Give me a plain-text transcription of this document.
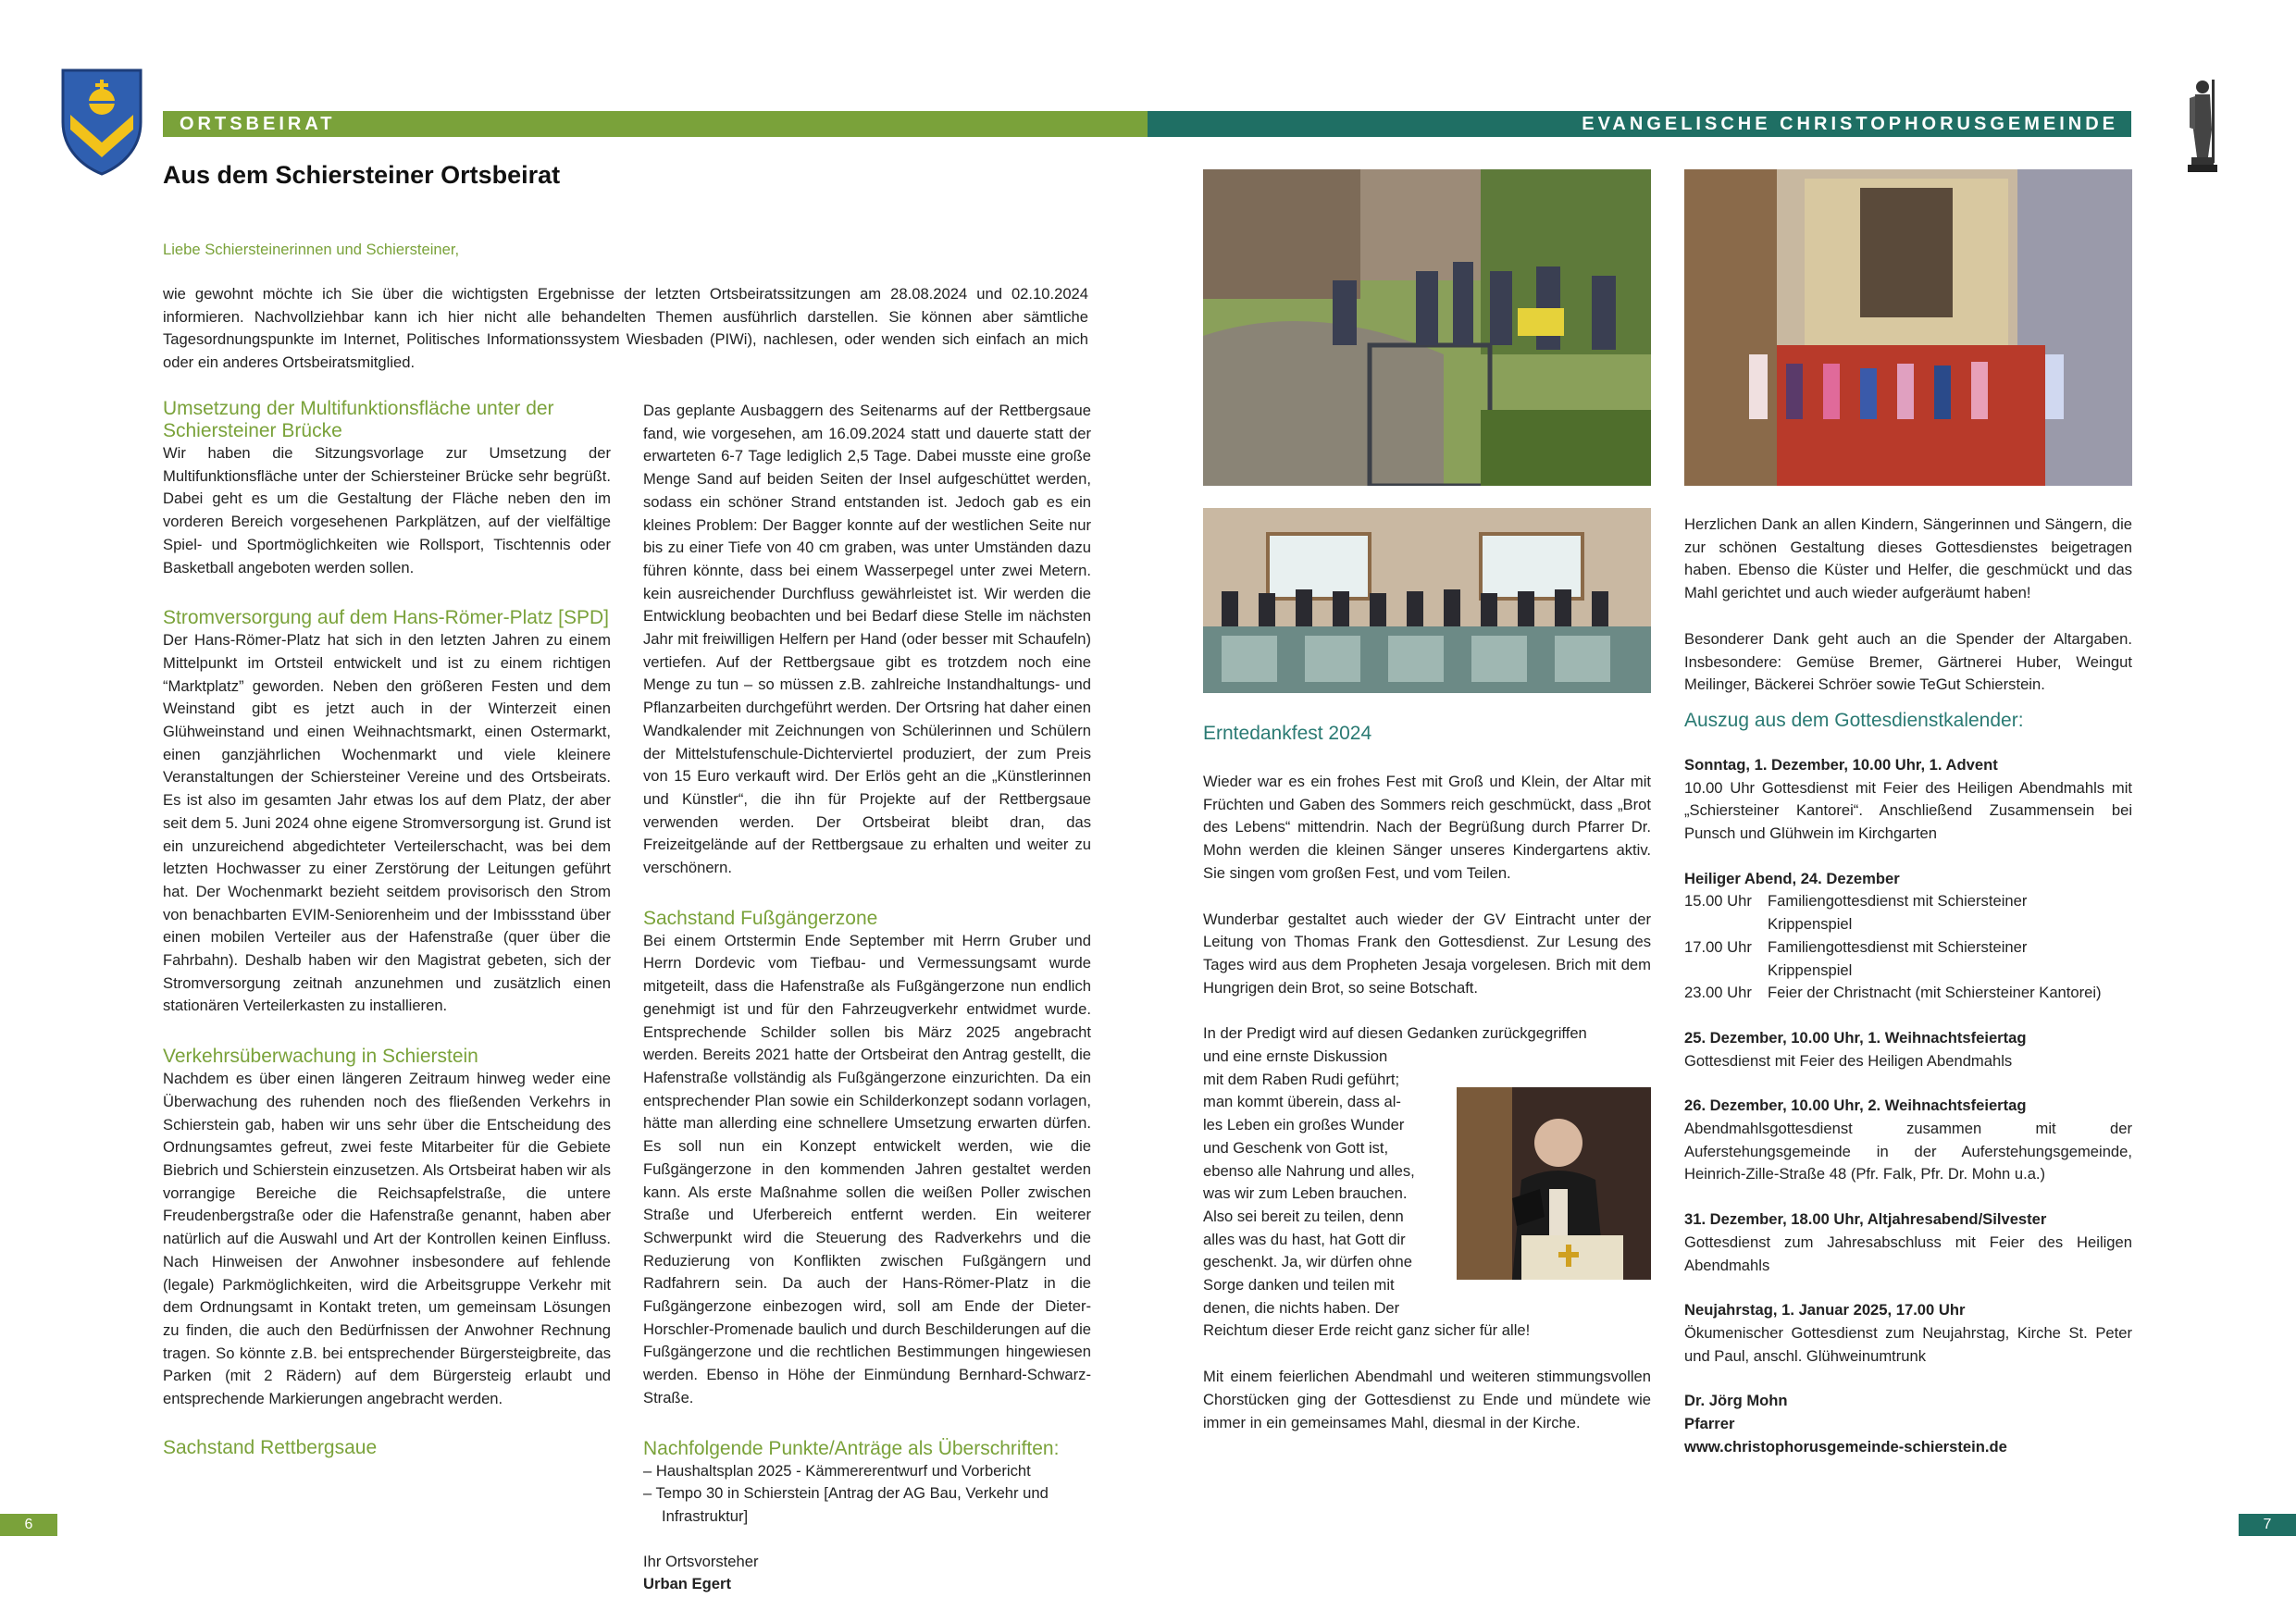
ORTSBEIRAT
Aus dem Schiersteiner Ortsbeirat
Liebe Schiersteinerinnen und Schiersteiner,
wie gewohnt möchte ich Sie über die wichtigsten Ergebnisse der letzten Ortsbeiratssitzungen am 28.08.2024 und 02.10.2024 informieren. Nachvollziehbar kann ich hier nicht alle behandelten Themen ausführlich darstellen. Sie können aber sämtliche Tagesordnungspunkte im Internet, Politisches Informationssystem Wiesbaden (PIWi), nachlesen, oder wenden sich einfach an mich oder ein anderes Ortsbeiratsmitglied.
Umsetzung der Multifunktionsfläche unter der Schiersteiner Brücke
Wir haben die Sitzungsvorlage zur Umsetzung der Multifunktionsfläche unter der Schiersteiner Brücke sehr begrüßt. Dabei geht es um die Gestaltung der Fläche neben den im vorderen Bereich vorgesehenen Parkplätzen, auf der vielfältige Spiel- und Sportmöglichkeiten wie Rollsport, Tischtennis oder Basketball angeboten werden sollen.
Stromversorgung auf dem Hans-Römer-Platz [SPD]
Der Hans-Römer-Platz hat sich in den letzten Jahren zu einem Mittelpunkt im Ortsteil entwickelt und ist zu einem richtigen “Marktplatz” geworden. Neben den größeren Festen und dem Weinstand gibt es jetzt auch in der Winterzeit einen Glühweinstand und einen Weihnachtsmarkt, einen Ostermarkt, einen ganzjährlichen Wochenmarkt und viele kleinere Veranstaltungen der Schiersteiner Vereine und des Ortsbeirats. Es ist also im gesamten Jahr etwas los auf dem Platz, der aber seit dem 5. Juni 2024 ohne eigene Stromversorgung ist. Grund ist ein unzureichend abgedichteter Verteilerschacht, was bei dem letzten Hochwasser zu einer Zerstörung der Leitungen geführt hat. Der Wochenmarkt bezieht seitdem provisorisch den Strom von benachbarten EVIM-Seniorenheim und der Imbissstand über einen mobilen Verteiler aus der Hafenstraße (quer über die Fahrbahn). Deshalb haben wir den Magistrat gebeten, sich der Stromversorgung zeitnah anzunehmen und zusätzlich einen stationären Verteilerkasten zu installieren.
Verkehrsüberwachung in Schierstein
Nachdem es über einen längeren Zeitraum hinweg weder eine Überwachung des ruhenden noch des fließenden Verkehrs in Schierstein gab, haben wir uns sehr über die Entscheidung des Ordnungsamtes gefreut, zwei feste Mitarbeiter für die Gebiete Biebrich und Schierstein einzusetzen. Als Ortsbeirat haben wir als vorrangige Bereiche die Reichsapfelstraße, die untere Freudenbergstraße oder die Hafenstraße genannt, haben aber natürlich auf die Auswahl und Art der Kontrollen keinen Einfluss. Nach Hinweisen der Anwohner insbesondere auf fehlende (legale) Parkmöglichkeiten, wird die Arbeitsgruppe Verkehr mit dem Ordnungsamt in Kontakt treten, um gemeinsam Lösungen zu finden, die auch den Bedürfnissen der Anwohner Rechnung tragen. So könnte z.B. bei entsprechender Bürgersteigbreite, das Parken (mit 2 Rädern) auf dem Bürgersteig erlaubt und entsprechende Markierungen angebracht werden.
Sachstand Rettbergsaue
Das geplante Ausbaggern des Seitenarms auf der Rettbergsaue fand, wie vorgesehen, am 16.09.2024 statt und dauerte statt der erwarteten 6-7 Tage lediglich 2,5 Tage. Dabei musste eine große Menge Sand auf beiden Seiten der Insel aufgeschüttet werden, sodass ein schöner Strand entstanden ist. Jedoch gab es ein kleines Problem: Der Bagger konnte auf der westlichen Seite nur bis zu einer Tiefe von 40 cm graben, was unter Umständen dazu führen könnte, dass bei einem Wasserpegel unter zwei Metern. kein ausreichender Durchfluss gewährleistet ist. Wir werden die Entwicklung beobachten und bei Bedarf diese Stelle im nächsten Jahr mit freiwilligen Helfern per Hand (oder besser mit Schaufeln) vertiefen. Auf der Rettbergsaue gibt es trotzdem noch eine Menge zu tun – so müssen z.B. zahlreiche Instandhaltungs- und Pflanzarbeiten durchgeführt werden. Der Ortsring hat daher einen Wandkalender mit Zeichnungen von Schülerinnen und Schülern der Mittelstufenschule-Dichterviertel produziert, der zum Preis von 15 Euro verkauft wird. Der Erlös geht an die „Künstlerinnen und Künstler“, die ihn für Projekte auf der Rettbergsaue verwenden werden. Der Ortsbeirat bleibt dran, das Freizeitgelände auf der Rettbergsaue zu erhalten und weiter zu verschönern.
Sachstand Fußgängerzone
Bei einem Ortstermin Ende September mit Herrn Gruber und Herrn Dordevic vom Tiefbau- und Vermessungsamt wurde mitgeteilt, dass die Hafenstraße als Fußgängerzone nun endlich genehmigt ist und für den Fahrzeugverkehr entwidmet wurde. Entsprechende Schilder sollen bis März 2025 angebracht werden. Bereits 2021 hatte der Ortsbeirat den Antrag gestellt, die Hafenstraße vollständig als Fußgängerzone einzurichten. Da ein entsprechender Plan sowie ein Schilderkonzept sodann vorlagen, hätte man allerding eine schnellere Umsetzung erwarten dürfen. Es soll nun ein Konzept entwickelt werden, wie die Fußgängerzone in den kommenden Jahren gestaltet werden kann. Als erste Maßnahme sollen die weißen Poller zwischen Straße und Uferbereich entfernt werden. Ein weiterer Schwerpunkt wird die Steuerung des Radverkehrs und die Reduzierung von Konflikten zwischen Fußgängern und Radfahrern sein. Da auch der Hans-Römer-Platz in die Fußgängerzone einbezogen wird, soll am Ende der Dieter-Horschler-Promenade baulich und durch Beschilderungen auf die Fußgängerzone und die rechtlichen Bestimmungen hingewiesen werden. Ebenso in Höhe der Einmündung Bernhard-Schwarz-Straße.
Nachfolgende Punkte/Anträge als Überschriften:
– Haushaltsplan 2025 - Kämmererentwurf und Vorbericht
– Tempo 30 in Schierstein [Antrag der AG Bau, Verkehr und Infrastruktur]
Ihr Ortsvorsteher
Urban Egert
6
EVANGELISCHE CHRISTOPHORUSGEMEINDE
Erntedankfest 2024
Wieder war es ein frohes Fest mit Groß und Klein, der Altar mit Früchten und Gaben des Sommers reich geschmückt, dass „Brot des Lebens“ mittendrin. Nach der Begrüßung durch Pfarrer Dr. Mohn werden die kleinen Sänger unseres Kindergartens aktiv. Sie singen vom großen Fest, und vom Teilen.
Wunderbar gestaltet auch wieder der GV Eintracht unter der Leitung von Thomas Frank den Gottesdienst. Zur Lesung des Tages wird aus dem Propheten Jesaja vorgelesen. Brich mit dem Hungrigen dein Brot, so seine Botschaft.
In der Predigt wird auf diesen Gedanken zurückgegriffen
und eine ernste Diskussion
mit dem Raben Rudi geführt;
man kommt überein, dass al-
les Leben ein großes Wunder
und Geschenk von Gott ist,
ebenso alle Nahrung und alles,
was wir zum Leben brauchen.
Also sei bereit zu teilen, denn
alles was du hast, hat Gott dir
geschenkt. Ja, wir dürfen ohne
Sorge danken und teilen mit
denen, die nichts haben. Der
Reichtum dieser Erde reicht ganz sicher für alle!
Mit einem feierlichen Abendmahl und weiteren stimmungsvollen Chorstücken ging der Gottesdienst zu Ende und mündete wie immer in ein gemeinsames Mahl, diesmal in der Kirche.
Herzlichen Dank an allen Kindern, Sängerinnen und Sängern, die zur schönen Gestaltung dieses Gottesdienstes beigetragen haben. Ebenso die Küster und Helfer, die geschmückt und das Mahl gerichtet und auch wieder aufgeräumt haben!
Besonderer Dank geht auch an die Spender der Altargaben. Insbesondere: Gemüse Bremer, Gärtnerei Huber, Weingut Meilinger, Bäckerei Schröer sowie TeGut Schierstein.
Auszug aus dem Gottesdienstkalender:
Sonntag, 1. Dezember, 10.00 Uhr, 1. Advent
10.00 Uhr Gottesdienst mit Feier des Heiligen Abendmahls mit „Schiersteiner Kantorei“. Anschließend Zusammensein bei Punsch und Glühwein im Kirchgarten
Heiliger Abend, 24. Dezember
15.00 Uhr	Familiengottesdienst mit Schiersteiner Krippenspiel
17.00 Uhr	Familiengottesdienst mit Schiersteiner Krippenspiel
23.00 Uhr	Feier der Christnacht (mit Schiersteiner Kantorei)
25. Dezember, 10.00 Uhr, 1. Weihnachtsfeiertag
Gottesdienst mit Feier des Heiligen Abendmahls
26. Dezember, 10.00 Uhr, 2. Weihnachtsfeiertag
Abendmahlsgottesdienst zusammen mit der Auferstehungsgemeinde in der Auferstehungsgemeinde, Heinrich-Zille-Straße 48 (Pfr. Falk, Pfr. Dr. Mohn u.a.)
31. Dezember, 18.00 Uhr, Altjahresabend/Silvester
Gottesdienst zum Jahresabschluss mit Feier des Heiligen Abendmahls
Neujahrstag, 1. Januar 2025, 17.00 Uhr
Ökumenischer Gottesdienst zum Neujahrstag, Kirche St. Peter und Paul, anschl. Glühweinumtrunk
Dr. Jörg Mohn
Pfarrer
www.christophorusgemeinde-schierstein.de
7
